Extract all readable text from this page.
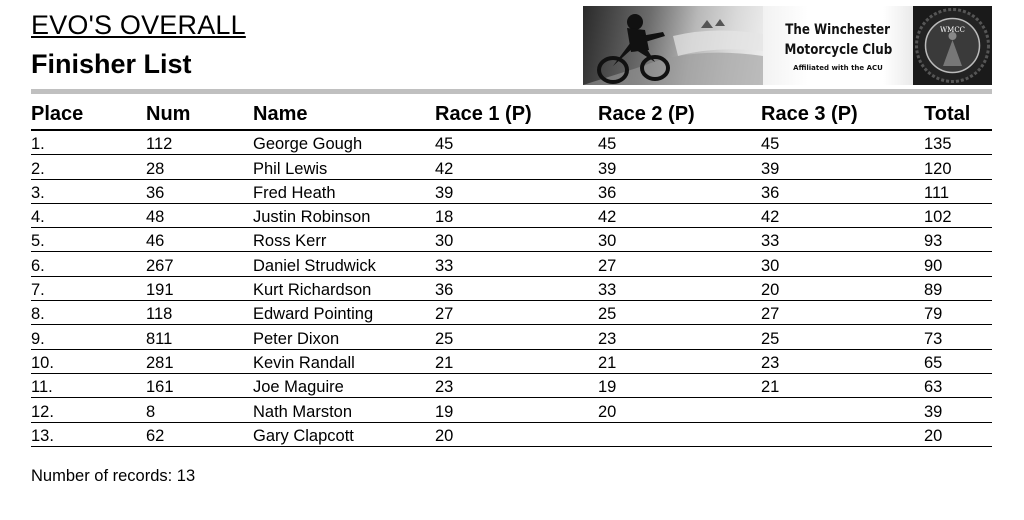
EVO'S OVERALL
Finisher List
The Winchester
Motorcycle Club
Affiliated with the ACU
WMCC
Place	Num	Name	Race 1 (P)	Race 2 (P)	Race 3 (P)	Total
1.	112	George Gough	45	45	45	135
2.	28	Phil Lewis	42	39	39	120
3.	36	Fred Heath	39	36	36	111
4.	48	Justin Robinson	18	42	42	102
5.	46	Ross Kerr	30	30	33	93
6.	267	Daniel Strudwick	33	27	30	90
7.	191	Kurt Richardson	36	33	20	89
8.	118	Edward Pointing	27	25	27	79
9.	811	Peter Dixon	25	23	25	73
10.	281	Kevin Randall	21	21	23	65
11.	161	Joe Maguire	23	19	21	63
12.	8	Nath Marston	19	20		39
13.	62	Gary Clapcott	20			20
Number of records: 13
